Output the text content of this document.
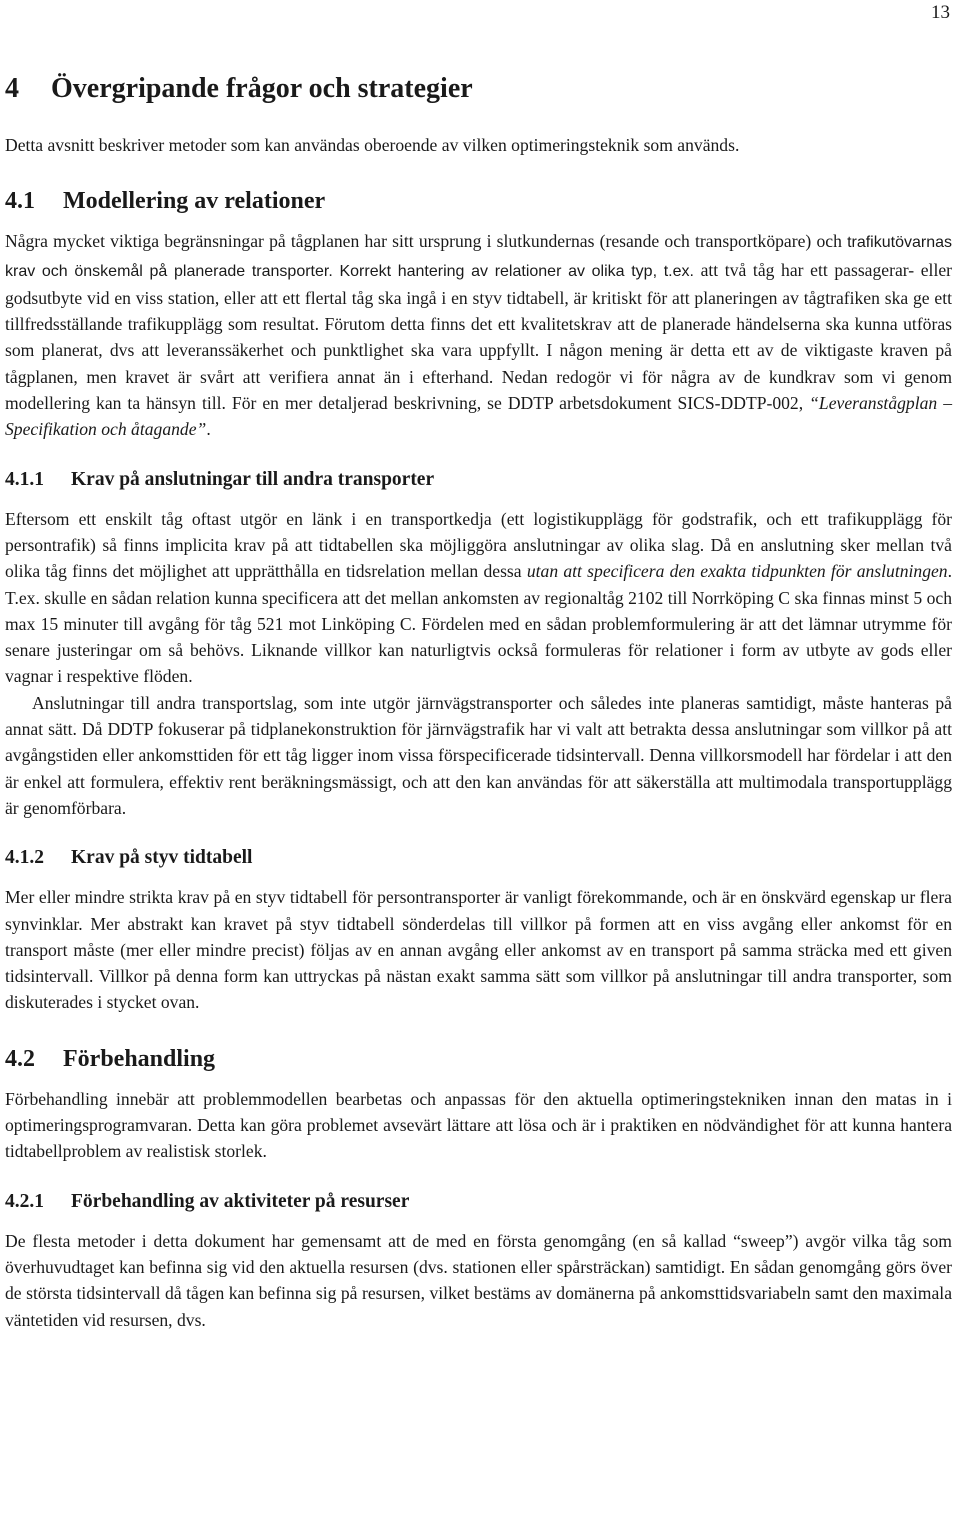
13
4 Övergripande frågor och strategier

Detta avsnitt beskriver metoder som kan användas oberoende av vilken optimeringsteknik som används.

4.1 Modellering av relationer

Några mycket viktiga begränsningar på tågplanen har sitt ursprung i slutkundernas (resande och transportköpare) och trafikutövarnas krav och önskemål på planerade transporter. Korrekt hantering av relationer av olika typ, t.ex. att två tåg har ett passagerar- eller godsutbyte vid en viss station, eller att ett flertal tåg ska ingå i en styv tidtabell, är kritiskt för att planeringen av tågtrafiken ska ge ett tillfredsställande trafikupplägg som resultat. Förutom detta finns det ett kvalitetskrav att de planerade händelserna ska kunna utföras som planerat, dvs att leveranssäkerhet och punktlighet ska vara uppfyllt. I någon mening är detta ett av de viktigaste kraven på tågplanen, men kravet är svårt att verifiera annat än i efterhand. Nedan redogör vi för några av de kundkrav som vi genom modellering kan ta hänsyn till. För en mer detaljerad beskrivning, se DDTP arbetsdokument SICS-DDTP-002, “Leveranstågplan – Specifikation och åtagande”.

4.1.1 Krav på anslutningar till andra transporter

Eftersom ett enskilt tåg oftast utgör en länk i en transportkedja (ett logistikupplägg för godstrafik, och ett trafikupplägg för persontrafik) så finns implicita krav på att tidtabellen ska möjliggöra anslutningar av olika slag. Då en anslutning sker mellan två olika tåg finns det möjlighet att upprätthålla en tidsrelation mellan dessa utan att specificera den exakta tidpunkten för anslutningen. T.ex. skulle en sådan relation kunna specificera att det mellan ankomsten av regionaltåg 2102 till Norrköping C ska finnas minst 5 och max 15 minuter till avgång för tåg 521 mot Linköping C. Fördelen med en sådan problemformulering är att det lämnar utrymme för senare justeringar om så behövs. Liknande villkor kan naturligtvis också formuleras för relationer i form av utbyte av gods eller vagnar i respektive flöden.

Anslutningar till andra transportslag, som inte utgör järnvägstransporter och således inte planeras samtidigt, måste hanteras på annat sätt. Då DDTP fokuserar på tidplanekonstruktion för järnvägstrafik har vi valt att betrakta dessa anslutningar som villkor på att avgångstiden eller ankomsttiden för ett tåg ligger inom vissa förspecificerade tidsintervall. Denna villkorsmodell har fördelar i att den är enkel att formulera, effektiv rent beräkningsmässigt, och att den kan användas för att säkerställa att multimodala transportupplägg är genomförbara.

4.1.2 Krav på styv tidtabell

Mer eller mindre strikta krav på en styv tidtabell för persontransporter är vanligt förekommande, och är en önskvärd egenskap ur flera synvinklar. Mer abstrakt kan kravet på styv tidtabell sönderdelas till villkor på formen att en viss avgång eller ankomst för en transport måste (mer eller mindre precist) följas av en annan avgång eller ankomst av en transport på samma sträcka med ett given tidsintervall. Villkor på denna form kan uttryckas på nästan exakt samma sätt som villkor på anslutningar till andra transporter, som diskuterades i stycket ovan.

4.2 Förbehandling

Förbehandling innebär att problemmodellen bearbetas och anpassas för den aktuella optimeringstekniken innan den matas in i optimeringsprogramvaran. Detta kan göra problemet avsevärt lättare att lösa och är i praktiken en nödvändighet för att kunna hantera tidtabellproblem av realistisk storlek.

4.2.1 Förbehandling av aktiviteter på resurser

De flesta metoder i detta dokument har gemensamt att de med en första genomgång (en så kallad “sweep”) avgör vilka tåg som överhuvudtaget kan befinna sig vid den aktuella resursen (dvs. stationen eller spårsträckan) samtidigt. En sådan genomgång görs över de största tidsintervall då tågen kan befinna sig på resursen, vilket bestäms av domänerna på ankomsttidsvariabeln samt den maximala väntetiden vid resursen, dvs.
